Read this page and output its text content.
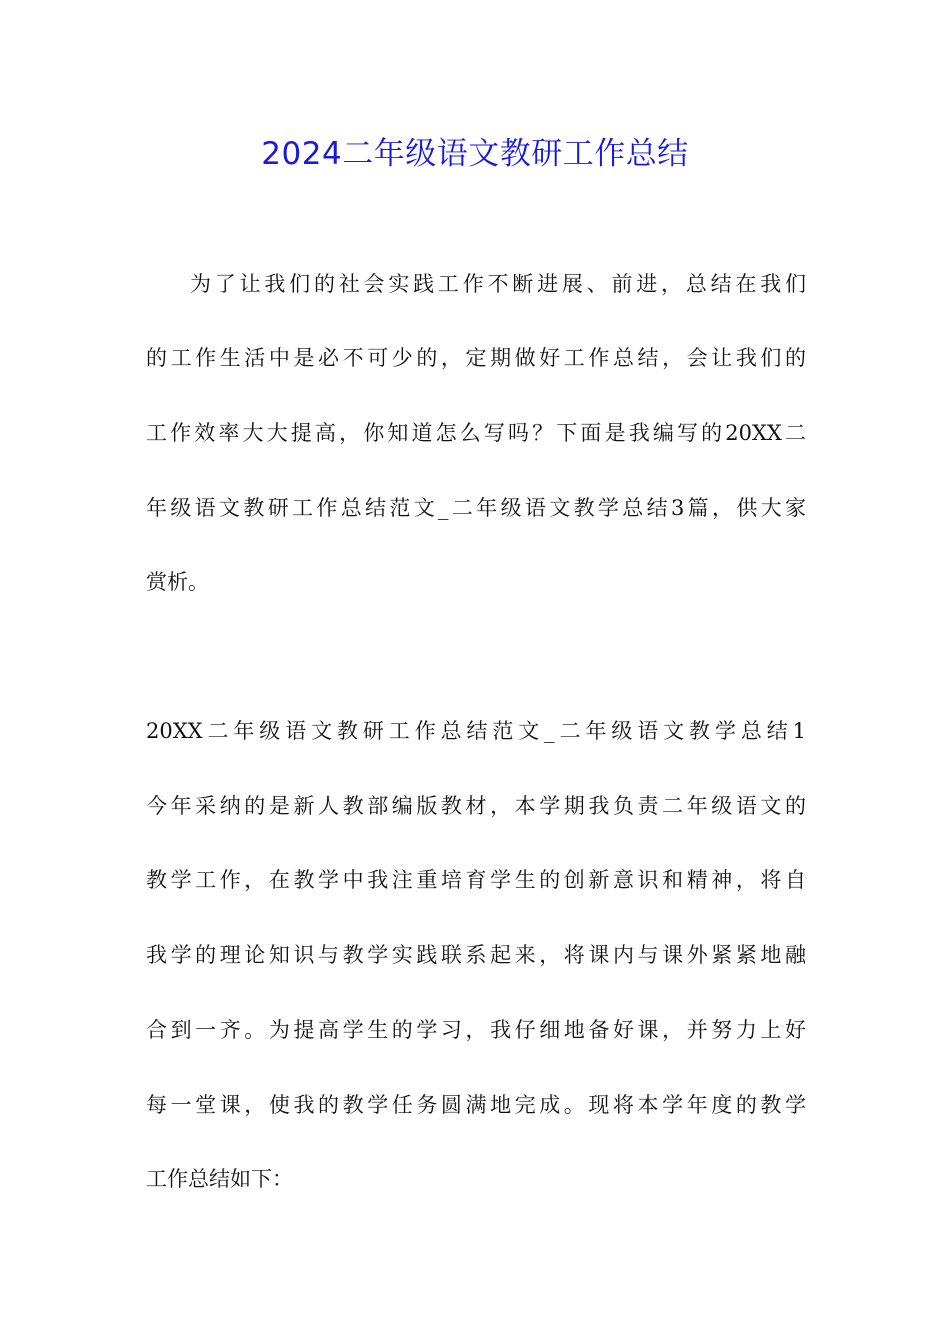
2024二年级语文教研工作总结
为了让我们的社会实践工作不断进展、前进，总结在我们
的工作生活中是必不可少的，定期做好工作总结，会让我们的
工作效率大大提高，你知道怎么写吗？下面是我编写的20XX二
年级语文教研工作总结范文_二年级语文教学总结3篇，供大家
赏析。
20XX二年级语文教研工作总结范文_二年级语文教学总结1
今年采纳的是新人教部编版教材，本学期我负责二年级语文的
教学工作，在教学中我注重培育学生的创新意识和精神，将自
我学的理论知识与教学实践联系起来，将课内与课外紧紧地融
合到一齐。为提高学生的学习，我仔细地备好课，并努力上好
每一堂课，使我的教学任务圆满地完成。现将本学年度的教学
工作总结如下：
